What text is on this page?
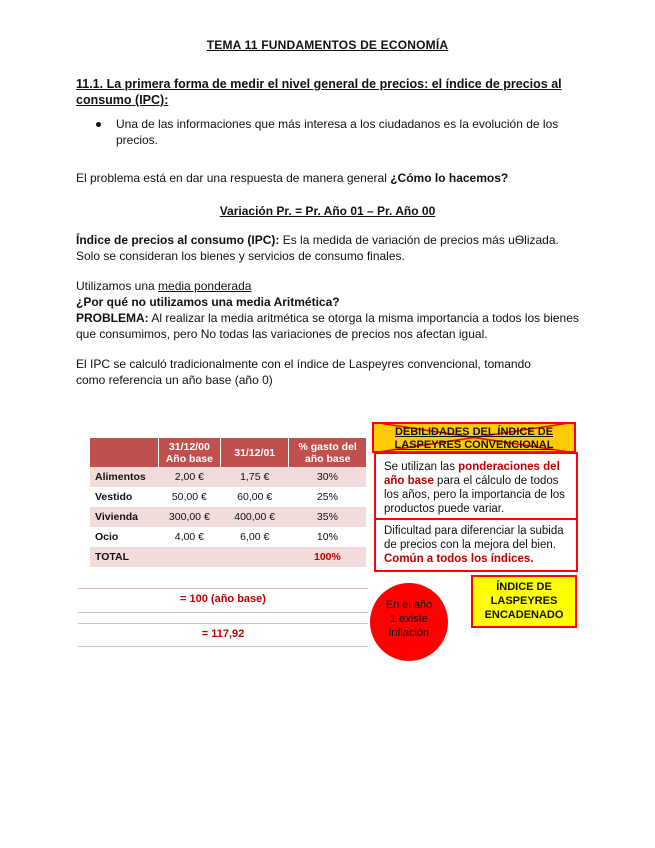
TEMA 11 FUNDAMENTOS DE ECONOMÍA
11.1. La primera forma de medir el nivel general de precios: el índice de precios al consumo (IPC):
Una de las informaciones que más interesa a los ciudadanos es la evolución de los precios.
El problema está en dar una respuesta de manera general ¿Cómo lo hacemos?
Variación Pr. = Pr. Año 01 – Pr. Año 00
Índice de precios al consumo (IPC): Es la medida de variación de precios más uѲlizada. Solo se consideran los bienes y servicios de consumo finales.
Utilizamos una media ponderada
¿Por qué no utilizamos una media Aritmética?
PROBLEMA: Al realizar la media aritmética se otorga la misma importancia a todos los bienes que consumimos, pero No todas las variaciones de precios nos afectan igual.
El IPC se calculó tradicionalmente con el índice de Laspeyres convencional, tomando como referencia un año base (año 0)
	31/12/00 Año base	31/12/01	% gasto del año base
Alimentos	2,00 €	1,75 €	30%
Vestido	50,00 €	60,00 €	25%
Vivienda	300,00 €	400,00 €	35%
Ocio	4,00 €	6,00 €	10%
TOTAL			100%
= 100 (año base)
= 117,92
DEBILIDADES DEL ÍNDICE DE LASPEYRES CONVENCIONAL
Se utilizan las ponderaciones del año base para el cálculo de todos los años, pero la importancia de los productos puede variar.
Dificultad para diferenciar la subida de precios con la mejora del bien. Común a todos los índices.
En el año 1 existe inflación
ÍNDICE DE LASPEYRES ENCADENADO
